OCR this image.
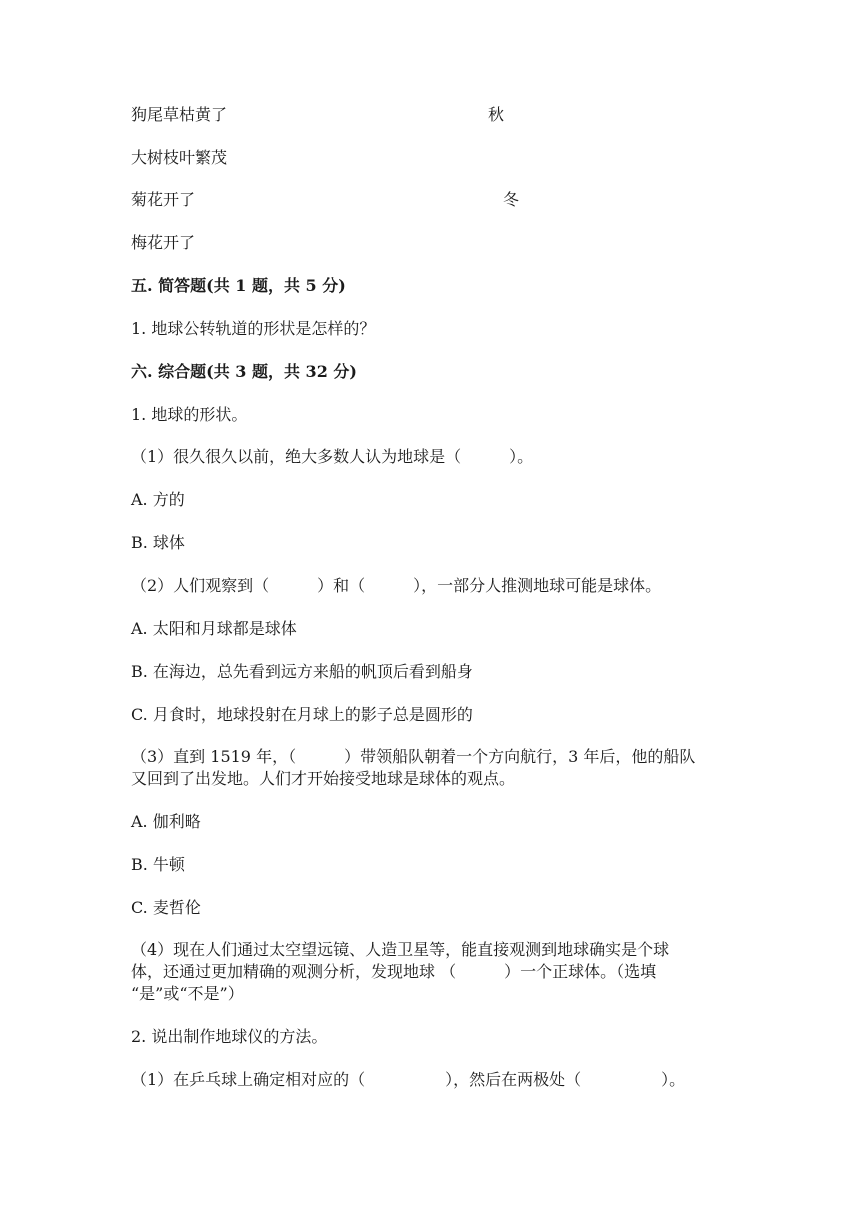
狗尾草枯黄了	秋
大树枝叶繁茂
菊花开了	冬
梅花开了
五. 简答题(共 1 题，共 5 分)
1. 地球公转轨道的形状是怎样的？
六. 综合题(共 3 题，共 32 分)
1. 地球的形状。
（1）很久很久以前，绝大多数人认为地球是（　　　）。
A. 方的
B. 球体
（2）人们观察到（　　　）和（　　　），一部分人推测地球可能是球体。
A. 太阳和月球都是球体
B. 在海边，总先看到远方来船的帆顶后看到船身
C. 月食时，地球投射在月球上的影子总是圆形的
（3）直到 1519 年，（　　　）带领船队朝着一个方向航行，3 年后，他的船队
又回到了出发地。人们才开始接受地球是球体的观点。
A. 伽利略
B. 牛顿
C. 麦哲伦
（4）现在人们通过太空望远镜、人造卫星等，能直接观测到地球确实是个球
体，还通过更加精确的观测分析，发现地球 （　　　）一个正球体。（选填
“是”或“不是”）
2. 说出制作地球仪的方法。
（1）在乒乓球上确定相对应的（　　　　　），然后在两极处（　　　　　）。
